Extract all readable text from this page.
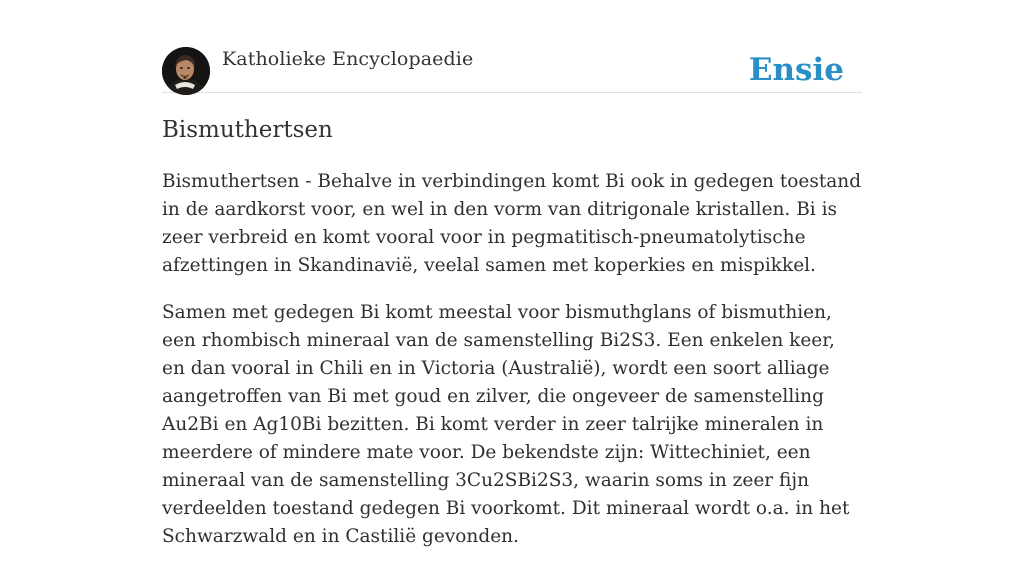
Katholieke Encyclopaedie	Ensie
Bismuthertsen

Bismuthertsen - Behalve in verbindingen komt Bi ook in gedegen toestand in de aardkorst voor, en wel in den vorm van ditrigonale kristallen. Bi is zeer verbreid en komt vooral voor in pegmatitisch-pneumatolytische afzettingen in Skandinavië, veelal samen met koperkies en mispikkel.

Samen met gedegen Bi komt meestal voor bismuthglans of bismuthien, een rhombisch mineraal van de samenstelling Bi2S3. Een enkelen keer, en dan vooral in Chili en in Victoria (Australië), wordt een soort alliage aangetroffen van Bi met goud en zilver, die ongeveer de samenstelling Au2Bi en Ag10Bi bezitten. Bi komt verder in zeer talrijke mineralen in meerdere of mindere mate voor. De bekendste zijn: Wittechiniet, een mineraal van de samenstelling 3Cu2SBi2S3, waarin soms in zeer fijn verdeelden toestand gedegen Bi voorkomt. Dit mineraal wordt o.a. in het Schwarzwald en in Castilië gevonden.
